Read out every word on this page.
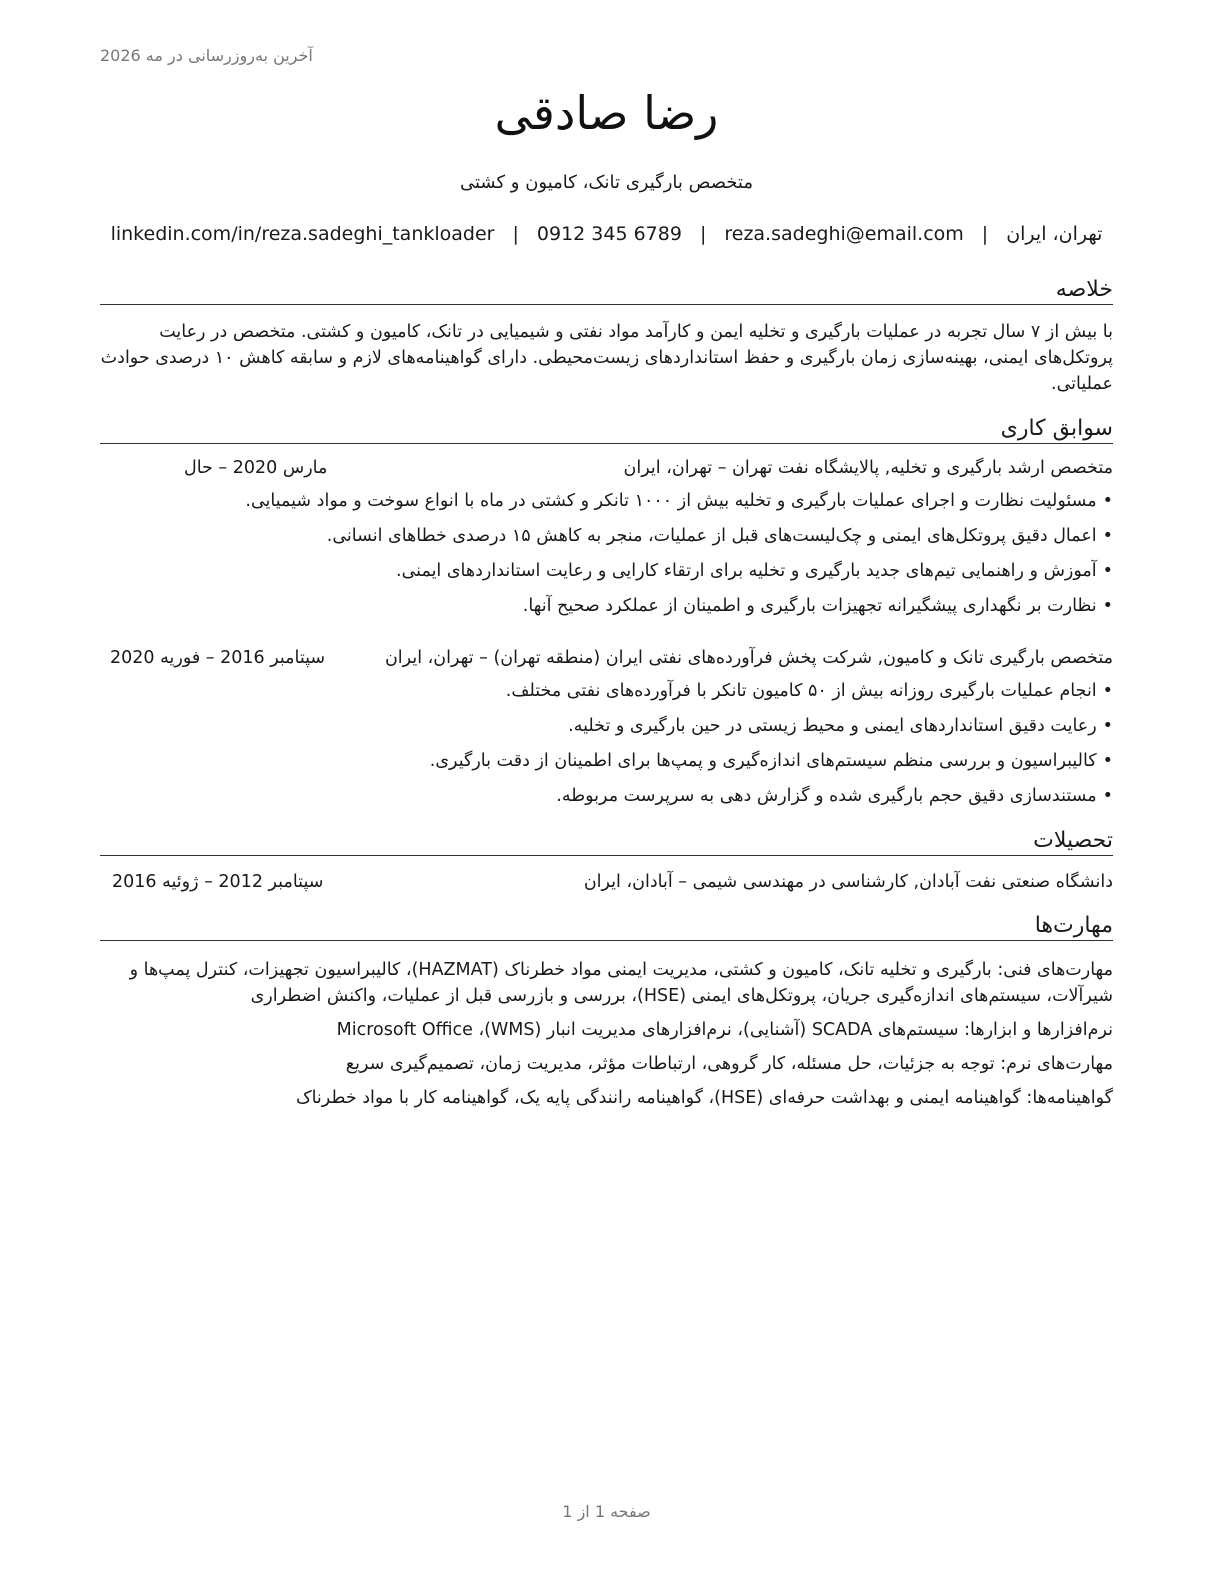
آخرین به‌روزرسانی در مه 2026
رضا صادقی
متخصص بارگیری تانک، کامیون و کشتی
تهران، ایران
|
reza.sadeghi@email.com
|
0912 345 6789
|
linkedin.com/in/reza.sadeghi_tankloader
خلاصه
با بیش از ۷ سال تجربه در عملیات بارگیری و تخلیه ایمن و کارآمد مواد نفتی و شیمیایی در تانک، کامیون و کشتی. متخصص در رعایت پروتکل‌های ایمنی، بهینه‌سازی زمان بارگیری و حفظ استانداردهای زیست‌محیطی. دارای گواهینامه‌های لازم و سابقه کاهش ۱۰ درصدی حوادث عملیاتی.
سوابق کاری
متخصص ارشد بارگیری و تخلیه, پالایشگاه نفت تهران – تهران، ایران
مارس 2020 – حال
•مسئولیت نظارت و اجرای عملیات بارگیری و تخلیه بیش از ۱۰۰۰ تانکر و کشتی در ماه با انواع سوخت و مواد شیمیایی.
•اعمال دقیق پروتکل‌های ایمنی و چک‌لیست‌های قبل از عملیات، منجر به کاهش ۱۵ درصدی خطاهای انسانی.
•آموزش و راهنمایی تیم‌های جدید بارگیری و تخلیه برای ارتقاء کارایی و رعایت استانداردهای ایمنی.
•نظارت بر نگهداری پیشگیرانه تجهیزات بارگیری و اطمینان از عملکرد صحیح آنها.
متخصص بارگیری تانک و کامیون, شرکت پخش فرآورده‌های نفتی ایران (منطقه تهران) – تهران، ایران
سپتامبر 2016 – فوریه 2020
•انجام عملیات بارگیری روزانه بیش از ۵۰ کامیون تانکر با فرآورده‌های نفتی مختلف.
•رعایت دقیق استانداردهای ایمنی و محیط زیستی در حین بارگیری و تخلیه.
•کالیبراسیون و بررسی منظم سیستم‌های اندازه‌گیری و پمپ‌ها برای اطمینان از دقت بارگیری.
•مستندسازی دقیق حجم بارگیری شده و گزارش دهی به سرپرست مربوطه.
تحصیلات
دانشگاه صنعتی نفت آبادان, کارشناسی در مهندسی شیمی – آبادان، ایران
سپتامبر 2012 – ژوئیه 2016
مهارت‌ها
مهارت‌های فنی: بارگیری و تخلیه تانک، کامیون و کشتی، مدیریت ایمنی مواد خطرناک (HAZMAT)، کالیبراسیون تجهیزات، کنترل پمپ‌ها و شیرآلات، سیستم‌های اندازه‌گیری جریان، پروتکل‌های ایمنی (HSE)، بررسی و بازرسی قبل از عملیات، واکنش اضطراری
نرم‌افزارها و ابزارها: سیستم‌های SCADA (آشنایی)، نرم‌افزارهای مدیریت انبار (WMS)، Microsoft Office
مهارت‌های نرم: توجه به جزئیات، حل مسئله، کار گروهی، ارتباطات مؤثر، مدیریت زمان، تصمیم‌گیری سریع
گواهینامه‌ها: گواهینامه ایمنی و بهداشت حرفه‌ای (HSE)، گواهینامه رانندگی پایه یک، گواهینامه کار با مواد خطرناک
صفحه 1 از 1
